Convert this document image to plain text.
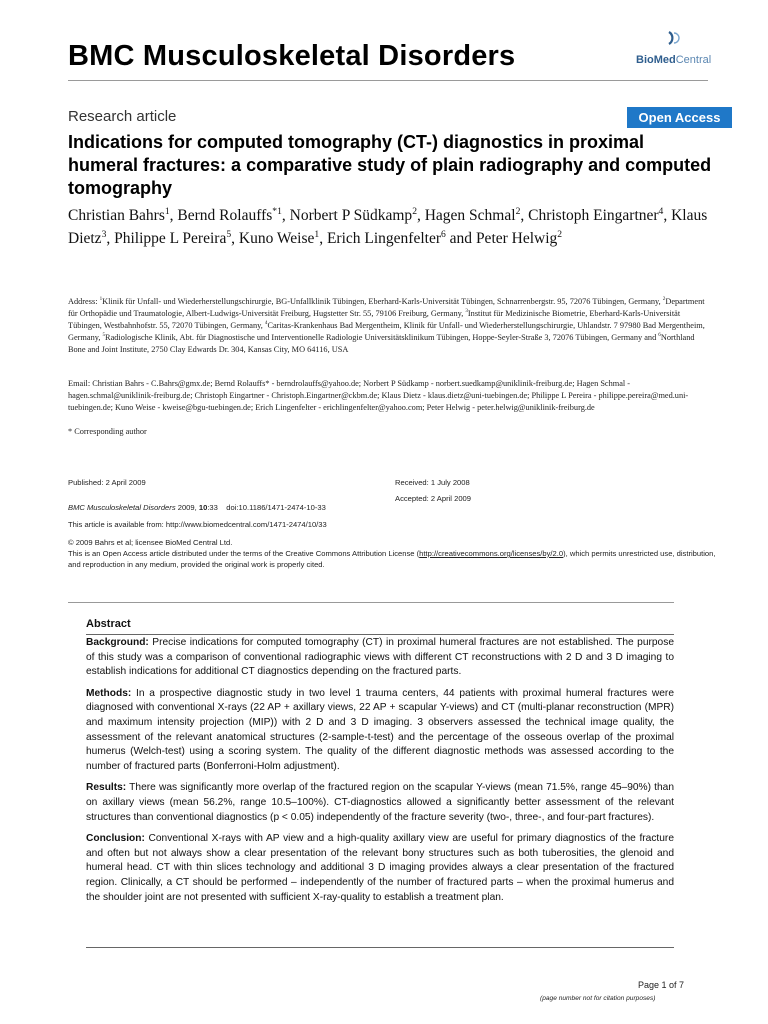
BMC Musculoskeletal Disorders	BioMedCentral
Research article	Open Access
Indications for computed tomography (CT-) diagnostics in proximal humeral fractures: a comparative study of plain radiography and computed tomography
Christian Bahrs$^1$, Bernd Rolauffs$^{*1}$, Norbert P Südkamp$^2$, Hagen Schmal$^2$, Christoph Eingartner$^4$, Klaus Dietz$^3$, Philippe L Pereira$^5$, Kuno Weise$^1$, Erich Lingenfelter$^6$ and Peter Helwig$^2$
Address: $^1$Klinik für Unfall- und Wiederherstellungschirurgie, BG-Unfallklinik Tübingen, Eberhard-Karls-Universität Tübingen, Schnarrenbergstr. 95, 72076 Tübingen, Germany, $^2$Department für Orthopädie und Traumatologie, Albert-Ludwigs-Universität Freiburg, Hugstetter Str. 55, 79106 Freiburg, Germany, $^3$Institut für Medizinische Biometrie, Eberhard-Karls-Universität Tübingen, Westbahnhofstr. 55, 72070 Tübingen, Germany, $^4$Caritas-Krankenhaus Bad Mergentheim, Klinik für Unfall- und Wiederherstellungschirurgie, Uhlandstr. 7 97980 Bad Mergentheim, Germany, $^5$Radiologische Klinik, Abt. für Diagnostische und Interventionelle Radiologie Universitätsklinikum Tübingen, Hoppe-Seyler-Straße 3, 72076 Tübingen, Germany and $^6$Northland Bone and Joint Institute, 2750 Clay Edwards Dr. 304, Kansas City, MO 64116, USA
Email: Christian Bahrs - C.Bahrs@gmx.de; Bernd Rolauffs* - berndrolauffs@yahoo.de; Norbert P Südkamp - norbert.suedkamp@uniklinik-freiburg.de; Hagen Schmal - hagen.schmal@uniklinik-freiburg.de; Christoph Eingartner - Christoph.Eingartner@ckbm.de; Klaus Dietz - klaus.dietz@uni-tuebingen.de; Philippe L Pereira - philippe.pereira@med.uni-tuebingen.de; Kuno Weise - kweise@bgu-tuebingen.de; Erich Lingenfelter - erichlingenfelter@yahoo.com; Peter Helwig - peter.helwig@uniklinik-freiburg.de
* Corresponding author
Published: 2 April 2009	Received: 1 July 2008
Accepted: 2 April 2009
BMC Musculoskeletal Disorders 2009, 10:33    doi:10.1186/1471-2474-10-33
This article is available from: http://www.biomedcentral.com/1471-2474/10/33
© 2009 Bahrs et al; licensee BioMed Central Ltd.
This is an Open Access article distributed under the terms of the Creative Commons Attribution License (http://creativecommons.org/licenses/by/2.0), which permits unrestricted use, distribution, and reproduction in any medium, provided the original work is properly cited.
Abstract

Background: Precise indications for computed tomography (CT) in proximal humeral fractures are not established. The purpose of this study was a comparison of conventional radiographic views with different CT reconstructions with 2 D and 3 D imaging to establish indications for additional CT diagnostics depending on the fractured parts.

Methods: In a prospective diagnostic study in two level 1 trauma centers, 44 patients with proximal humeral fractures were diagnosed with conventional X-rays (22 AP + axillary views, 22 AP + scapular Y-views) and CT (multi-planar reconstruction (MPR) and maximum intensity projection (MIP)) with 2 D and 3 D imaging. 3 observers assessed the technical image quality, the assessment of the relevant anatomical structures (2-sample-t-test) and the percentage of the osseous overlap of the proximal humerus (Welch-test) using a scoring system. The quality of the different diagnostic methods was assessed according to the number of fractured parts (Bonferroni-Holm adjustment).

Results: There was significantly more overlap of the fractured region on the scapular Y-views (mean 71.5%, range 45–90%) than on axillary views (mean 56.2%, range 10.5–100%). CT-diagnostics allowed a significantly better assessment of the relevant structures than conventional diagnostics (p < 0.05) independently of the fracture severity (two-, three-, and four-part fractures).

Conclusion: Conventional X-rays with AP view and a high-quality axillary view are useful for primary diagnostics of the fracture and often but not always show a clear presentation of the relevant bony structures such as both tuberosities, the glenoid and humeral head. CT with thin slices technology and additional 3 D imaging provides always a clear presentation of the fractured region. Clinically, a CT should be performed – independently of the number of fractured parts – when the proximal humerus and the shoulder joint are not presented with sufficient X-ray-quality to establish a treatment plan.

Page 1 of 7
(page number not for citation purposes)
